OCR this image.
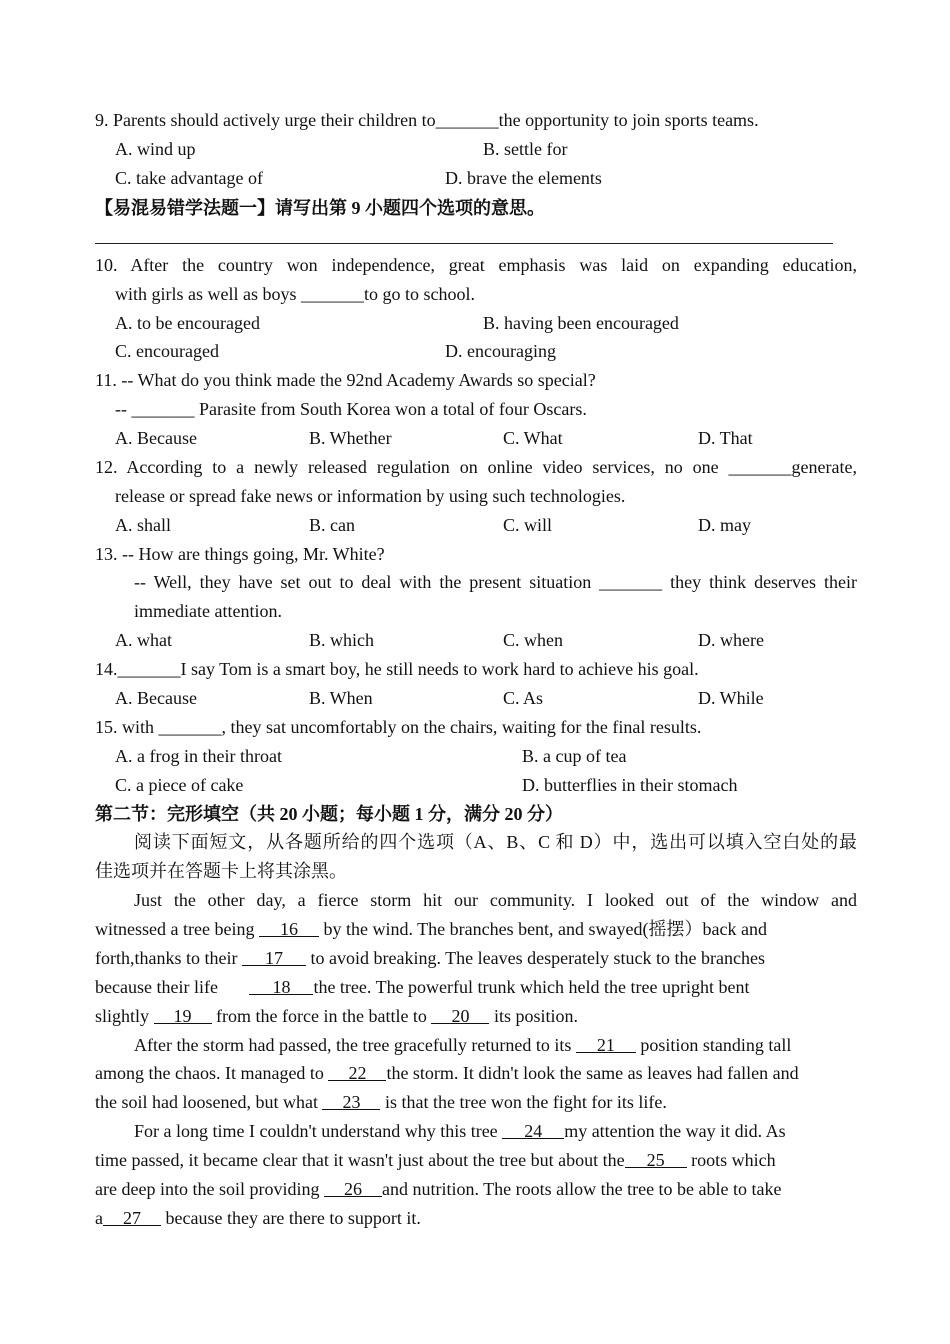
9. Parents should actively urge their children to_______the opportunity to join sports teams.
A. wind up	B. settle for
C. take advantage of	D. brave the elements
【易混易错学法题一】请写出第 9 小题四个选项的意思。
10. After the country won independence, great emphasis was laid on expanding education,
with girls as well as boys _______to go to school.
A. to be encouraged	B. having been encouraged
C. encouraged	D. encouraging
11. -- What do you think made the 92nd Academy Awards so special?
-- _______ Parasite from South Korea won a total of four Oscars.
A. Because	B. Whether	C. What	D. That
12. According to a newly released regulation on online video services, no one _______generate,
release or spread fake news or information by using such technologies.
A. shall	B. can	C. will	D. may
13. -- How are things going, Mr. White?
-- Well, they have set out to deal with the present situation _______ they think deserves their
immediate attention.
A. what	B. which	C. when	D. where
14._______I say Tom is a smart boy, he still needs to work hard to achieve his goal.
A. Because	B. When	C. As	D. While
15. with _______, they sat uncomfortably on the chairs, waiting for the final results.
A. a frog in their throat	B. a cup of tea
C. a piece of cake	D. butterflies in their stomach
第二节：完形填空（共 20 小题；每小题 1 分，满分 20 分）
阅读下面短文，从各题所给的四个选项（A、B、C 和 D）中，选出可以填入空白处的最
佳选项并在答题卡上将其涂黑。
Just the other day, a fierce storm hit our community. I looked out of the window and
witnessed a tree being 16 by the wind. The branches bent, and swayed(摇摆）back and
forth,thanks to their 17 to avoid breaking. The leaves desperately stuck to the branches
because their life       18 the tree. The powerful trunk which held the tree upright bent
slightly 19 from the force in the battle to 20 its position.
After the storm had passed, the tree gracefully returned to its 21 position standing tall
among the chaos. It managed to 22 the storm. It didn't look the same as leaves had fallen and
the soil had loosened, but what 23 is that the tree won the fight for its life.
For a long time I couldn't understand why this tree 24 my attention the way it did. As
time passed, it became clear that it wasn't just about the tree but about the 25 roots which
are deep into the soil providing 26 and nutrition. The roots allow the tree to be able to take
a 27 because they are there to support it.
